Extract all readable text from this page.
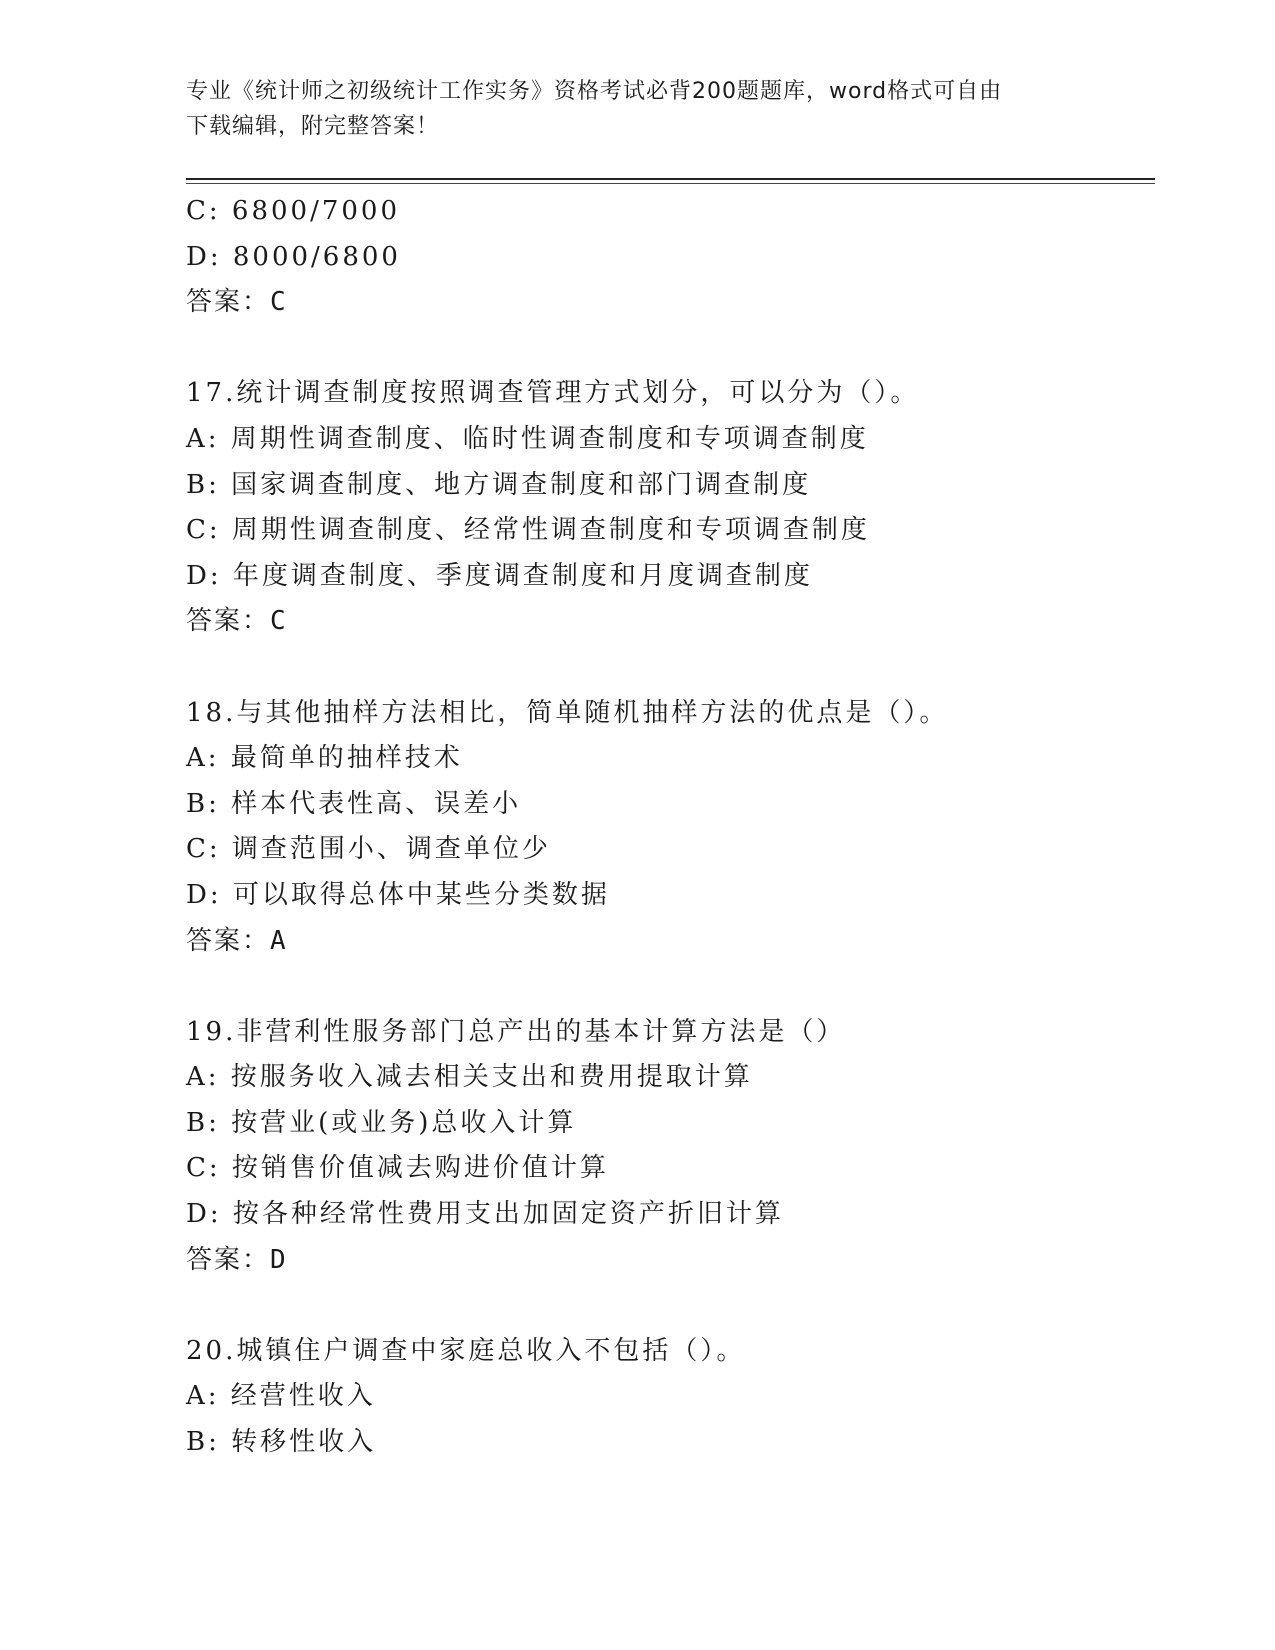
专业《统计师之初级统计工作实务》资格考试必背200题题库，word格式可自由
下载编辑，附完整答案！
C: 6800/7000
D: 8000/6800
答案：C
17.统计调查制度按照调查管理方式划分，可以分为（）。
A: 周期性调查制度、临时性调查制度和专项调查制度
B: 国家调查制度、地方调查制度和部门调查制度
C: 周期性调查制度、经常性调查制度和专项调查制度
D: 年度调查制度、季度调查制度和月度调查制度
答案：C
18.与其他抽样方法相比，简单随机抽样方法的优点是（）。
A: 最简单的抽样技术
B: 样本代表性高、误差小
C: 调查范围小、调查单位少
D: 可以取得总体中某些分类数据
答案：A
19.非营利性服务部门总产出的基本计算方法是（）
A: 按服务收入减去相关支出和费用提取计算
B: 按营业(或业务)总收入计算
C: 按销售价值减去购进价值计算
D: 按各种经常性费用支出加固定资产折旧计算
答案：D
20.城镇住户调查中家庭总收入不包括（）。
A: 经营性收入
B: 转移性收入
